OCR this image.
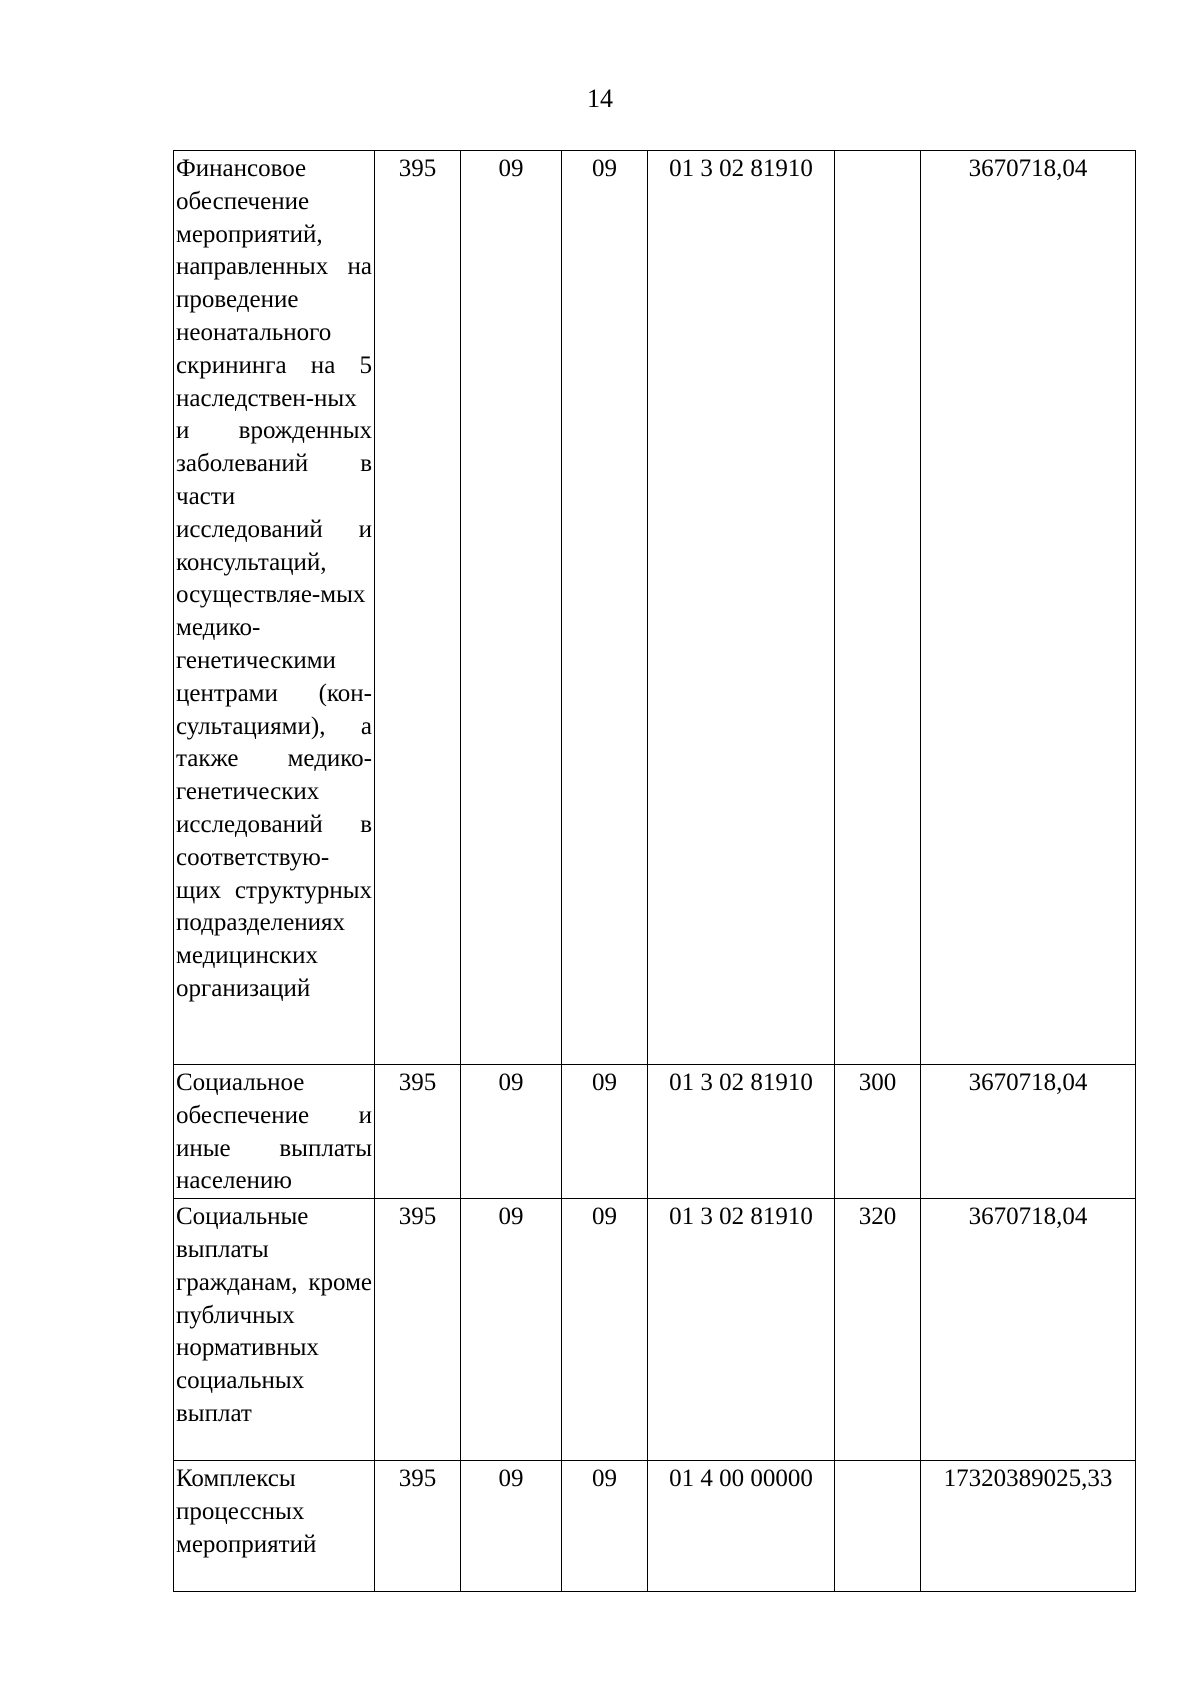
14
Финансовое обеспечение мероприятий, направленных на проведение неонатального скрининга на 5 наследствен-ных и врожденных заболеваний в части исследований и консультаций, осуществляе-мых медико-генетическими центрами (кон-сультациями), а также медико-генетических исследований в соответствую-щих структурных подразделениях медицинских организаций	395	09	09	01 3 02 81910		3670718,04
Социальное обеспечение и иные выплаты населению	395	09	09	01 3 02 81910	300	3670718,04
Социальные выплаты гражданам, кроме публичных нормативных социальных выплат	395	09	09	01 3 02 81910	320	3670718,04
Комплексы процессных мероприятий	395	09	09	01 4 00 00000		17320389025,33
